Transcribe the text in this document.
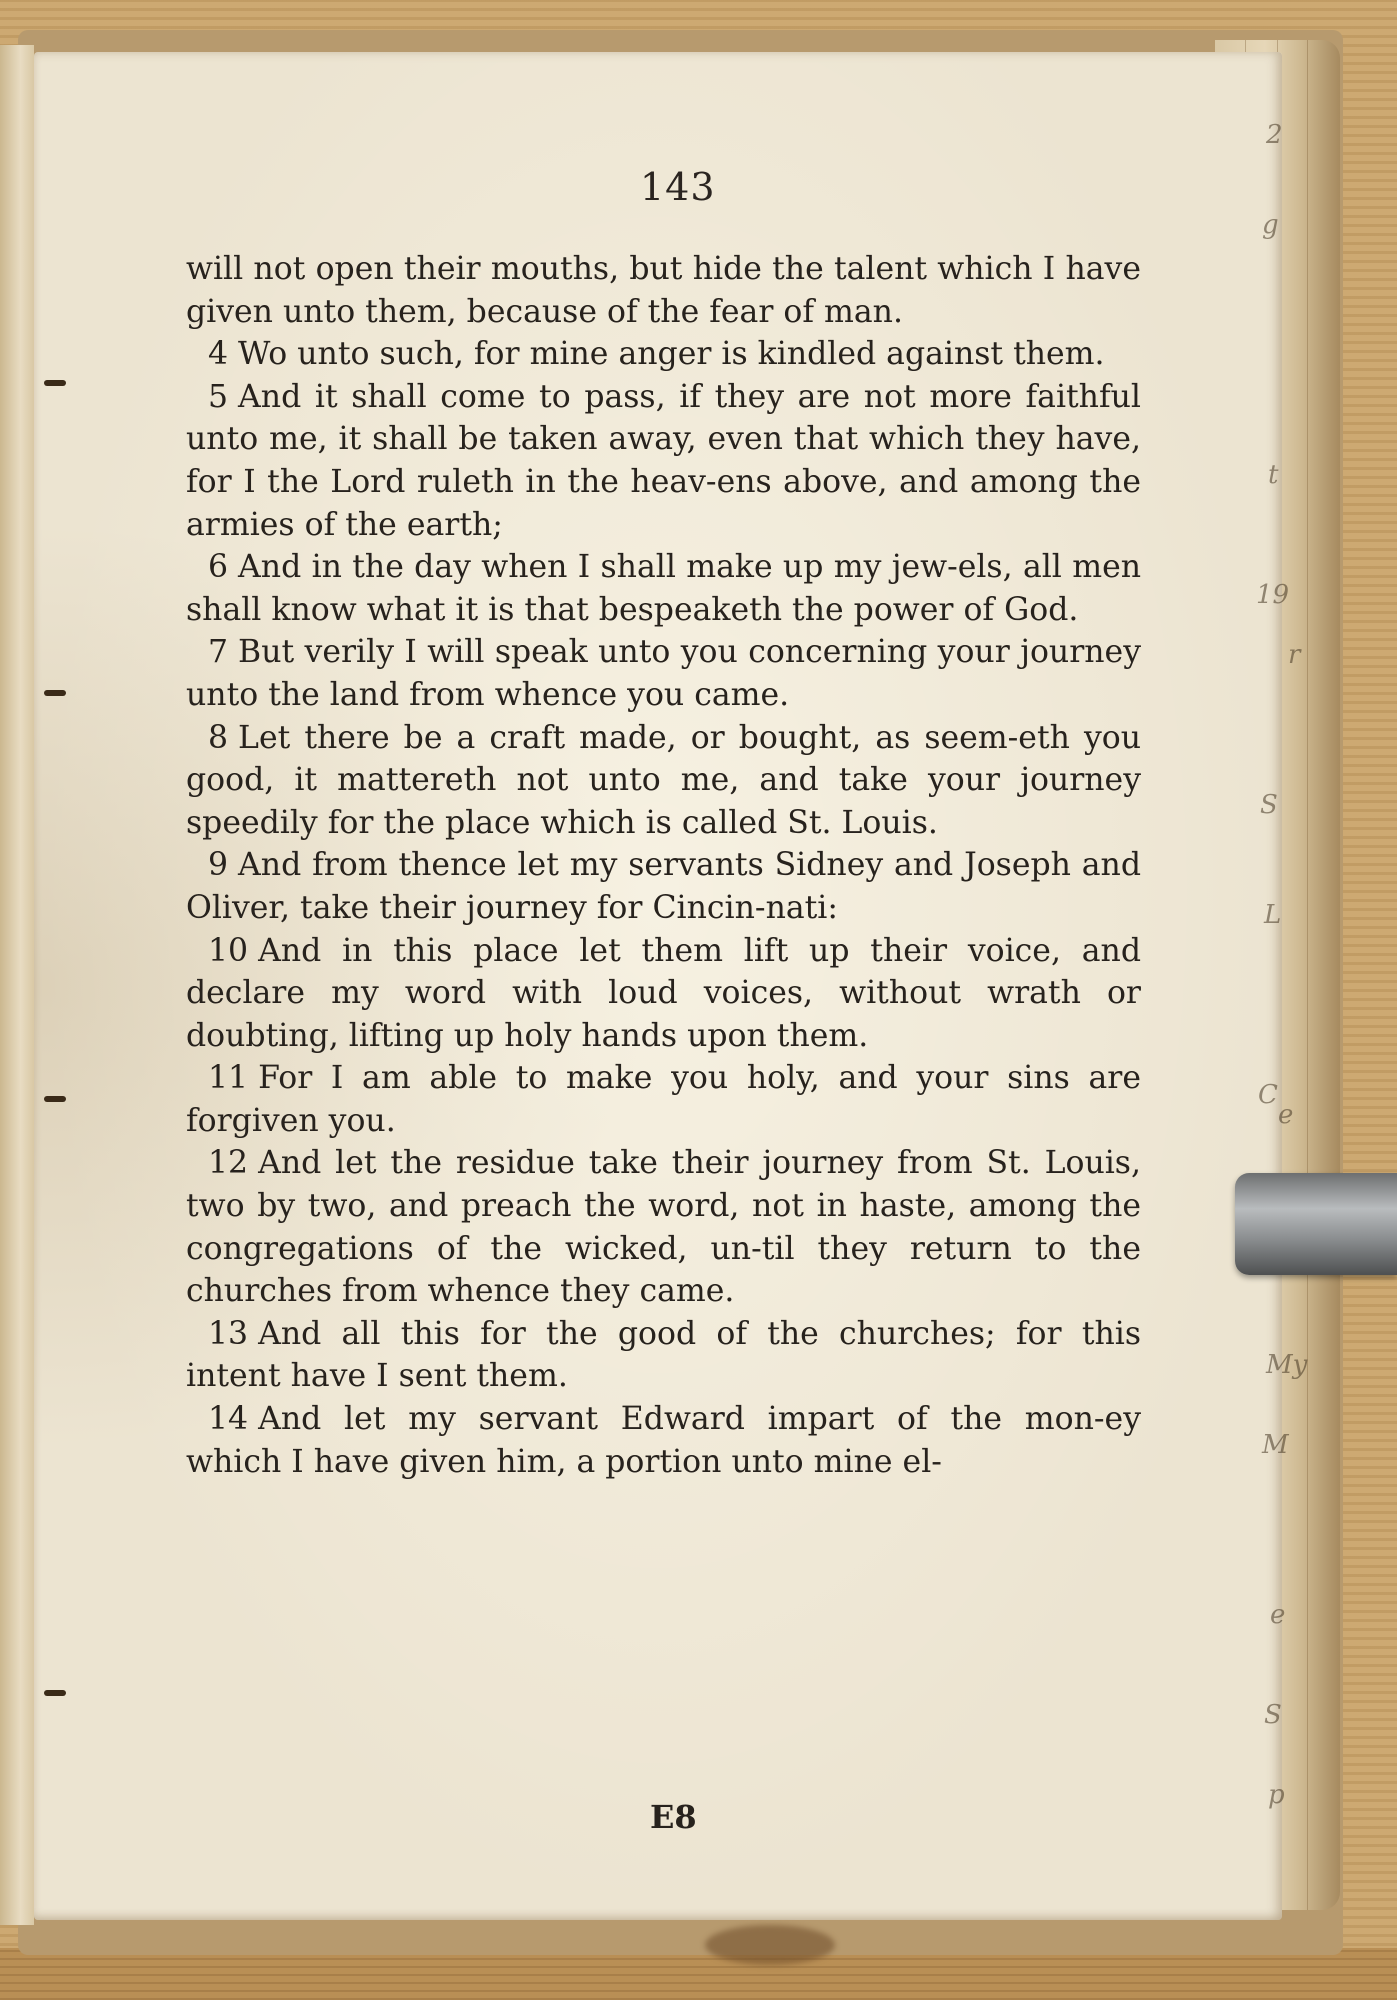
2
g
t
19
r
S
L
C
e
My
M
e
S
p
143

will not open their mouths, but hide the talent which I have given unto them, because of the fear of man.

4 Wo unto such, for mine anger is kindled against them.

5 And it shall come to pass, if they are not more faithful unto me, it shall be taken away, even that which they have, for I the Lord ruleth in the heav-ens above, and among the armies of the earth;

6 And in the day when I shall make up my jew-els, all men shall know what it is that bespeaketh the power of God.

7 But verily I will speak unto you concerning your journey unto the land from whence you came.

8 Let there be a craft made, or bought, as seem-eth you good, it mattereth not unto me, and take your journey speedily for the place which is called St. Louis.

9 And from thence let my servants Sidney and Joseph and Oliver, take their journey for Cincin-nati:

10 And in this place let them lift up their voice, and declare my word with loud voices, without wrath or doubting, lifting up holy hands upon them.

11 For I am able to make you holy, and your sins are forgiven you.

12 And let the residue take their journey from St. Louis, two by two, and preach the word, not in haste, among the congregations of the wicked, un-til they return to the churches from whence they came.

13 And all this for the good of the churches; for this intent have I sent them.

14 And let my servant Edward impart of the mon-ey which I have given him, a portion unto mine el-

E8
